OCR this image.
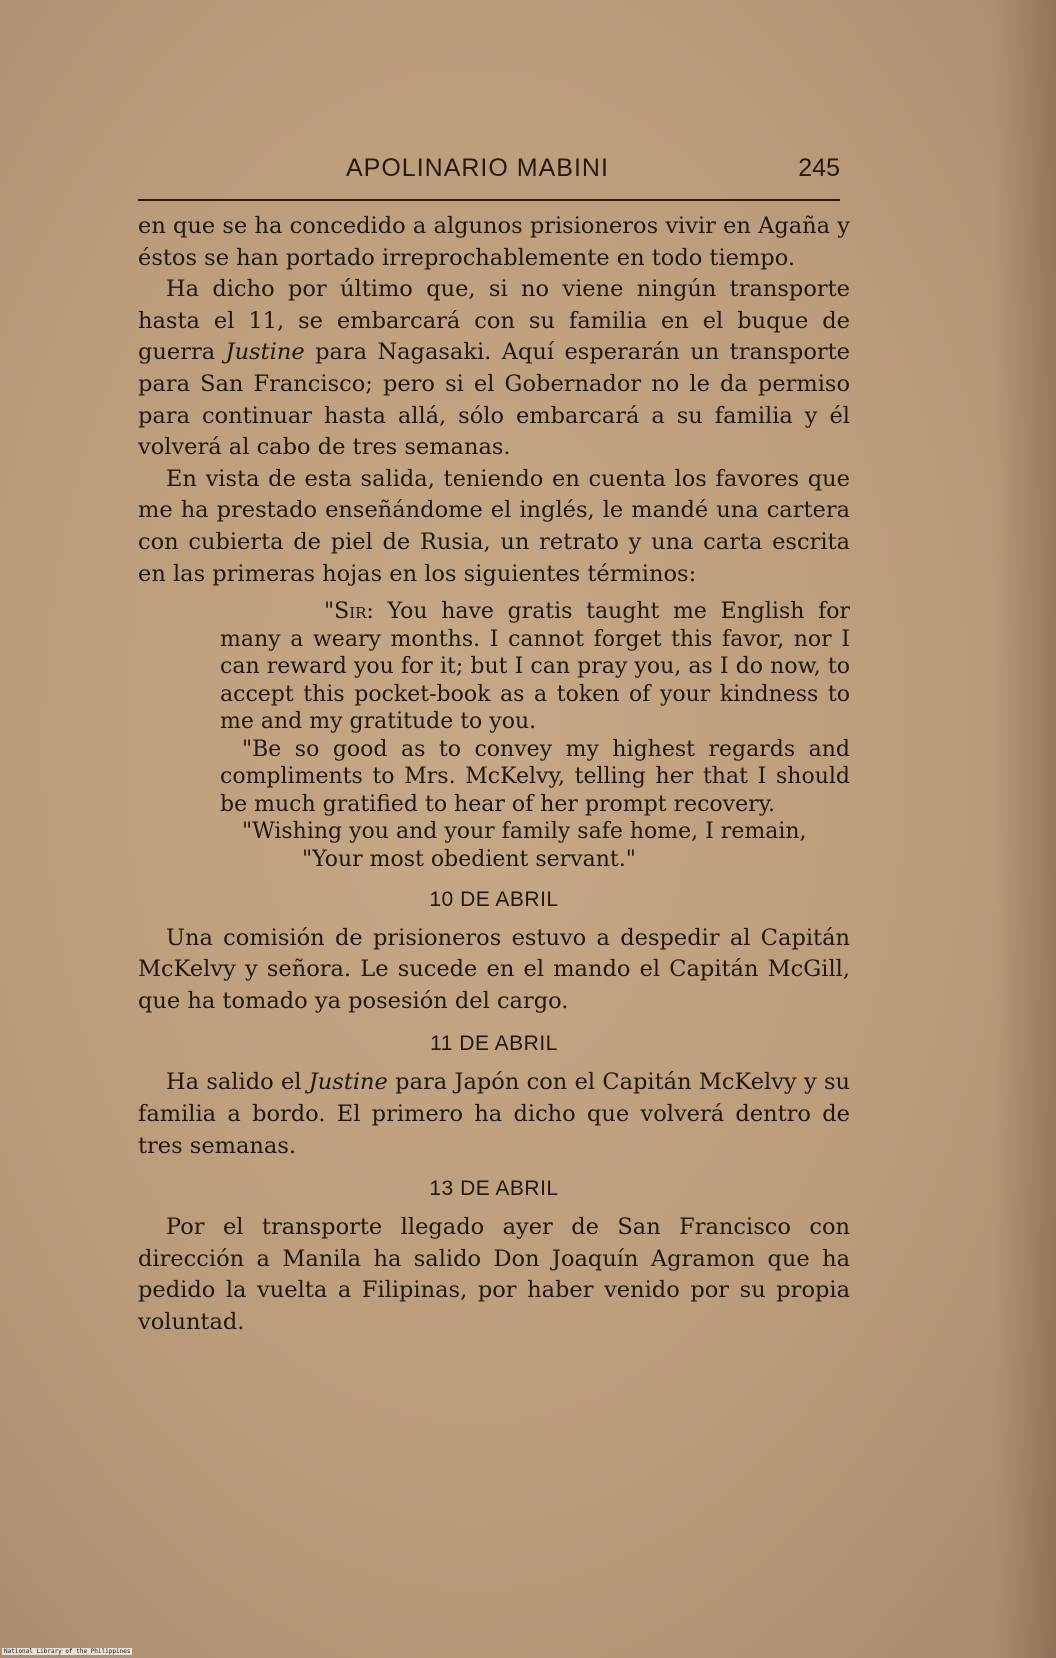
APOLINARIO MABINI	245

en que se ha concedido a algunos prisioneros vivir en Agaña y éstos se han portado irreprochablemente en todo tiempo.

Ha dicho por último que, si no viene ningún transporte hasta el 11, se embarcará con su familia en el buque de guerra Justine para Nagasaki. Aquí esperarán un transporte para San Francisco; pero si el Gobernador no le da permiso para continuar hasta allá, sólo embarcará a su familia y él volverá al cabo de tres semanas.

En vista de esta salida, teniendo en cuenta los favores que me ha prestado enseñándome el inglés, le mandé una cartera con cubierta de piel de Rusia, un retrato y una carta escrita en las primeras hojas en los siguientes términos:

"Sir: You have gratis taught me English for many a weary months. I cannot forget this favor, nor I can reward you for it; but I can pray you, as I do now, to accept this pocket-book as a token of your kindness to me and my gratitude to you.

"Be so good as to convey my highest regards and compliments to Mrs. McKelvy, telling her that I should be much gratified to hear of her prompt recovery.

"Wishing you and your family safe home, I remain,

"Your most obedient servant."

10 DE ABRIL

Una comisión de prisioneros estuvo a despedir al Capitán McKelvy y señora. Le sucede en el mando el Capitán McGill, que ha tomado ya posesión del cargo.

11 DE ABRIL

Ha salido el Justine para Japón con el Capitán McKelvy y su familia a bordo. El primero ha dicho que volverá dentro de tres semanas.

13 DE ABRIL

Por el transporte llegado ayer de San Francisco con dirección a Manila ha salido Don Joaquín Agramon que ha pedido la vuelta a Filipinas, por haber venido por su propia voluntad.

National Library of the Philippines
